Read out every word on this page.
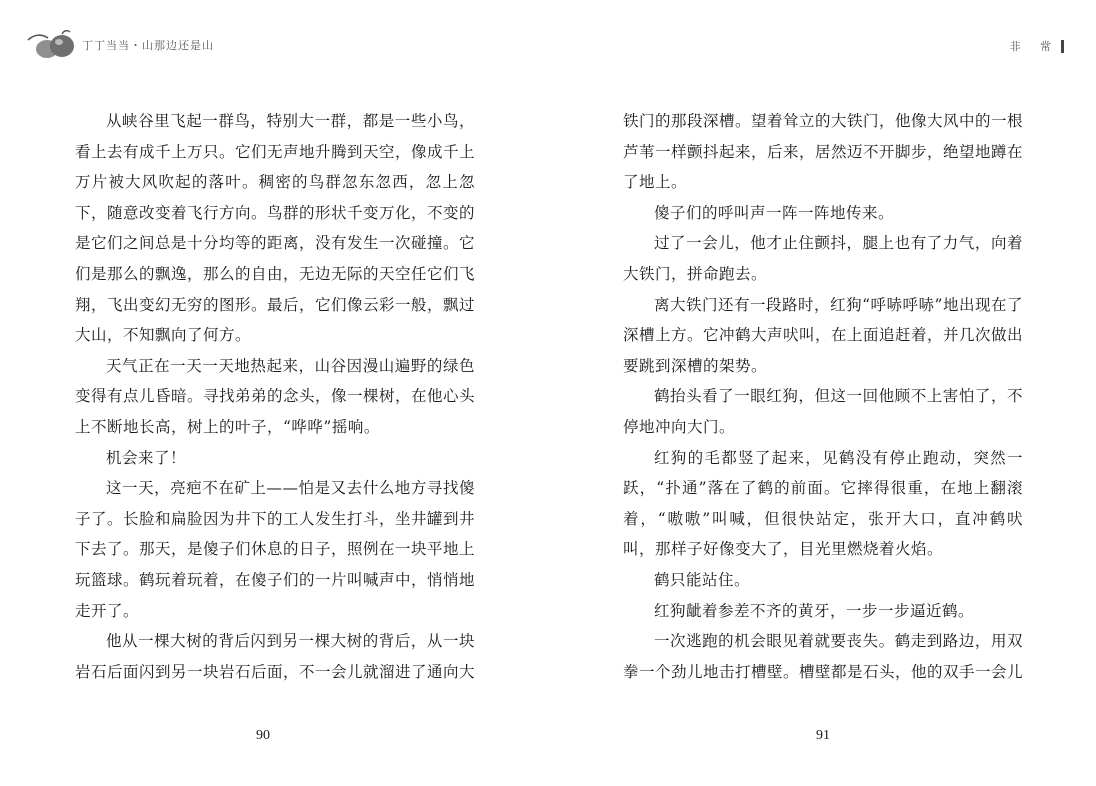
丁丁当当・山那边还是山	非 常

从峡谷里飞起一群鸟，特别大一群，都是一些小鸟，看上去有成千上万只。它们无声地升腾到天空，像成千上万片被大风吹起的落叶。稠密的鸟群忽东忽西，忽上忽下，随意改变着飞行方向。鸟群的形状千变万化，不变的是它们之间总是十分均等的距离，没有发生一次碰撞。它们是那么的飘逸，那么的自由，无边无际的天空任它们飞翔，飞出变幻无穷的图形。最后，它们像云彩一般，飘过大山，不知飘向了何方。

天气正在一天一天地热起来，山谷因漫山遍野的绿色变得有点儿昏暗。寻找弟弟的念头，像一棵树，在他心头上不断地长高，树上的叶子，“哗哗”摇响。

机会来了！

这一天，亮疤不在矿上——怕是又去什么地方寻找傻子了。长脸和扁脸因为井下的工人发生打斗，坐井罐到井下去了。那天，是傻子们休息的日子，照例在一块平地上玩篮球。鹤玩着玩着，在傻子们的一片叫喊声中，悄悄地走开了。

他从一棵大树的背后闪到另一棵大树的背后，从一块岩石后面闪到另一块岩石后面，不一会儿就溜进了通向大

铁门的那段深槽。望着耸立的大铁门，他像大风中的一根芦苇一样颤抖起来，后来，居然迈不开脚步，绝望地蹲在了地上。

傻子们的呼叫声一阵一阵地传来。

过了一会儿，他才止住颤抖，腿上也有了力气，向着大铁门，拼命跑去。

离大铁门还有一段路时，红狗“呼哧呼哧”地出现在了深槽上方。它冲鹤大声吠叫，在上面追赶着，并几次做出要跳到深槽的架势。

鹤抬头看了一眼红狗，但这一回他顾不上害怕了，不停地冲向大门。

红狗的毛都竖了起来，见鹤没有停止跑动，突然一跃，“扑通”落在了鹤的前面。它摔得很重，在地上翻滚着，“嗷嗷”叫喊，但很快站定，张开大口，直冲鹤吠叫，那样子好像变大了，目光里燃烧着火焰。

鹤只能站住。

红狗龇着参差不齐的黄牙，一步一步逼近鹤。

一次逃跑的机会眼见着就要丧失。鹤走到路边，用双拳一个劲儿地击打槽壁。槽壁都是石头，他的双手一会儿

90	91
